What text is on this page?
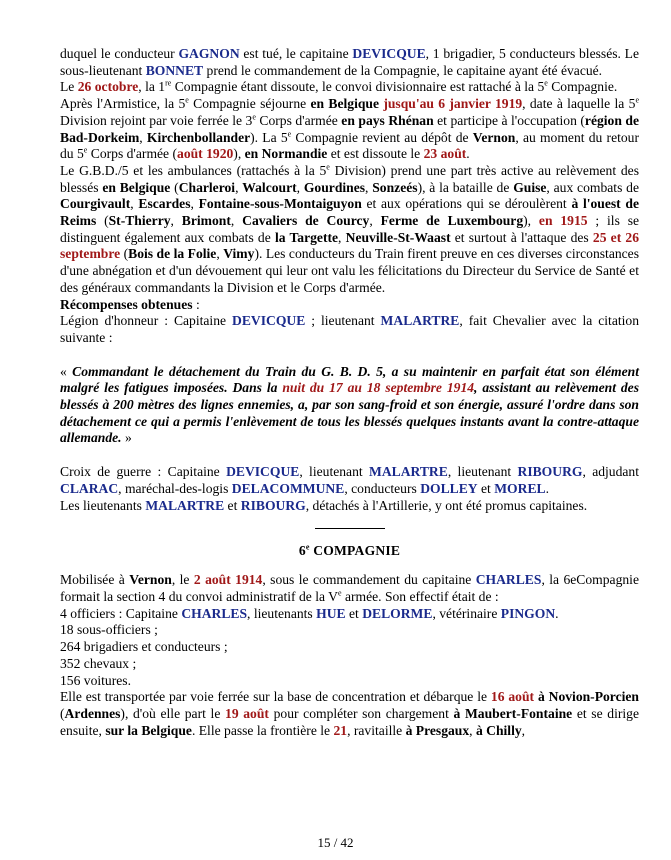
duquel le conducteur GAGNON est tué, le capitaine DEVICQUE, 1 brigadier, 5 conducteurs blessés. Le sous-lieutenant BONNET prend le commandement de la Compagnie, le capitaine ayant été évacué.

Le 26 octobre, la 1re Compagnie étant dissoute, le convoi divisionnaire est rattaché à la 5e Compagnie.

Après l'Armistice, la 5e Compagnie séjourne en Belgique jusqu'au 6 janvier 1919, date à laquelle la 5e Division rejoint par voie ferrée le 3e Corps d'armée en pays Rhénan et participe à l'occupation (région de Bad-Dorkeim, Kirchenbollander). La 5e Compagnie revient au dépôt de Vernon, au moment du retour du 5e Corps d'armée (août 1920), en Normandie et est dissoute le 23 août.

Le G.B.D./5 et les ambulances (rattachés à la 5e Division) prend une part très active au relèvement des blessés en Belgique (Charleroi, Walcourt, Gourdines, Sonzeés), à la bataille de Guise, aux combats de Courgivault, Escardes, Fontaine-sous-Montaiguyon et aux opérations qui se déroulèrent à l'ouest de Reims (St-Thierry, Brimont, Cavaliers de Courcy, Ferme de Luxembourg), en 1915 ; ils se distinguent également aux combats de la Targette, Neuville-St-Waast et surtout à l'attaque des 25 et 26 septembre (Bois de la Folie, Vimy). Les conducteurs du Train firent preuve en ces diverses circonstances d'une abnégation et d'un dévouement qui leur ont valu les félicitations du Directeur du Service de Santé et des généraux commandants la Division et le Corps d'armée.

Récompenses obtenues :

Légion d'honneur : Capitaine DEVICQUE ; lieutenant MALARTRE, fait Chevalier avec la citation suivante :

« Commandant le détachement du Train du G. B. D. 5, a su maintenir en parfait état son élément malgré les fatigues imposées. Dans la nuit du 17 au 18 septembre 1914, assistant au relèvement des blessés à 200 mètres des lignes ennemies, a, par son sang-froid et son énergie, assuré l'ordre dans son détachement ce qui a permis l'enlèvement de tous les blessés quelques instants avant la contre-attaque allemande. »

Croix de guerre : Capitaine DEVICQUE, lieutenant MALARTRE, lieutenant RIBOURG, adjudant CLARAC, maréchal-des-logis DELACOMMUNE, conducteurs DOLLEY et MOREL.

Les lieutenants MALARTRE et RIBOURG, détachés à l'Artillerie, y ont été promus capitaines.

6e COMPAGNIE

Mobilisée à Vernon, le 2 août 1914, sous le commandement du capitaine CHARLES, la 6eCompagnie formait la section 4 du convoi administratif de la Ve armée. Son effectif était de :

4 officiers : Capitaine CHARLES, lieutenants HUE et DELORME, vétérinaire PINGON.

18 sous-officiers ;

264 brigadiers et conducteurs ;

352 chevaux ;

156 voitures.

Elle est transportée par voie ferrée sur la base de concentration et débarque le 16 août à Novion-Porcien (Ardennes), d'où elle part le 19 août pour compléter son chargement à Maubert-Fontaine et se dirige ensuite, sur la Belgique. Elle passe la frontière le 21, ravitaille à Presgaux, à Chilly,

15 / 42
